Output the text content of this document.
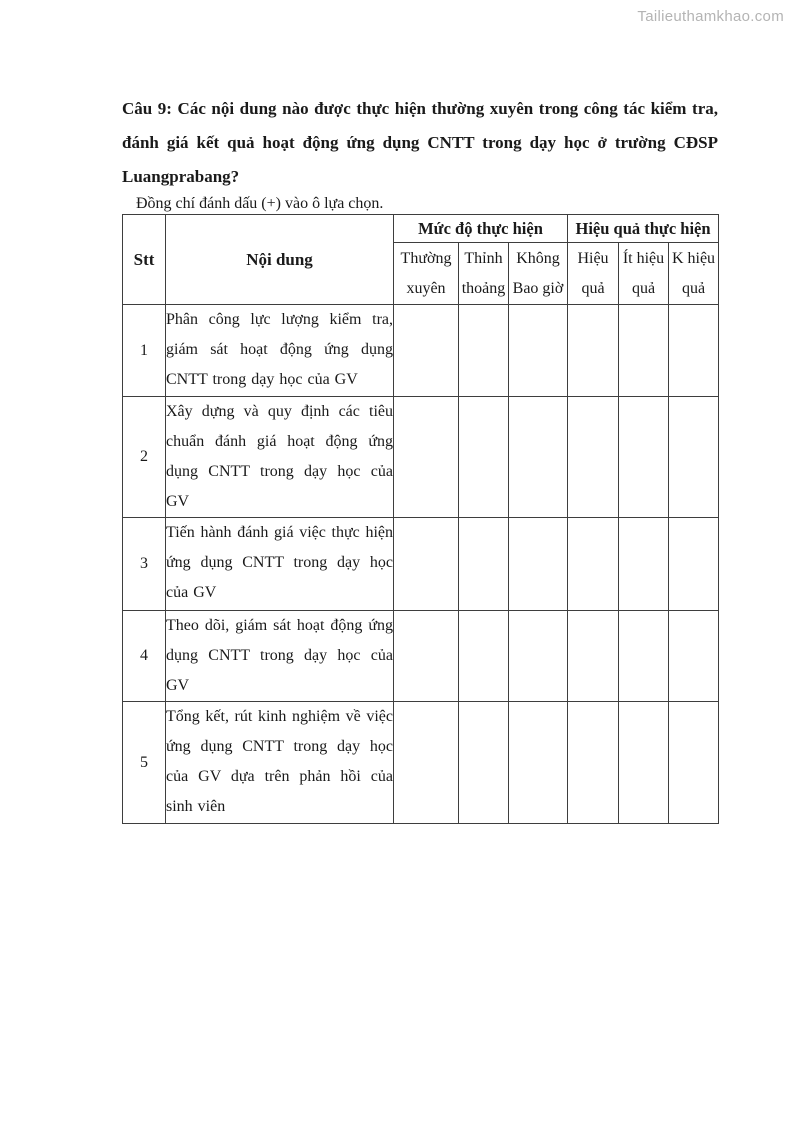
Tailieuthamkhao.com
Câu 9: Các nội dung nào được thực hiện thường xuyên trong công tác kiểm tra,
đánh giá kết quả hoạt động ứng dụng CNTT trong dạy học ở trường CĐSP
Luangprabang?
Đồng chí đánh dấu (+) vào ô lựa chọn.
Stt	Nội dung	Mức độ thực hiện			Hiệu quả thực hiện		
		Thường xuyên	Thỉnh thoảng	Không Bao giờ	Hiệu quả	Ít hiệu quả	K hiệu quả
1	Phân công lực lượng kiểm tra, giám sát hoạt động ứng dụng CNTT trong dạy học của GV						
2	Xây dựng và quy định các tiêu chuẩn đánh giá hoạt động ứng dụng CNTT trong dạy học của GV						
3	Tiến hành đánh giá việc thực hiện ứng dụng CNTT trong dạy học của GV						
4	Theo dõi, giám sát hoạt động ứng dụng CNTT trong dạy học của GV						
5	Tổng kết, rút kinh nghiệm về việc ứng dụng CNTT trong dạy học của GV dựa trên phản hồi của sinh viên						
